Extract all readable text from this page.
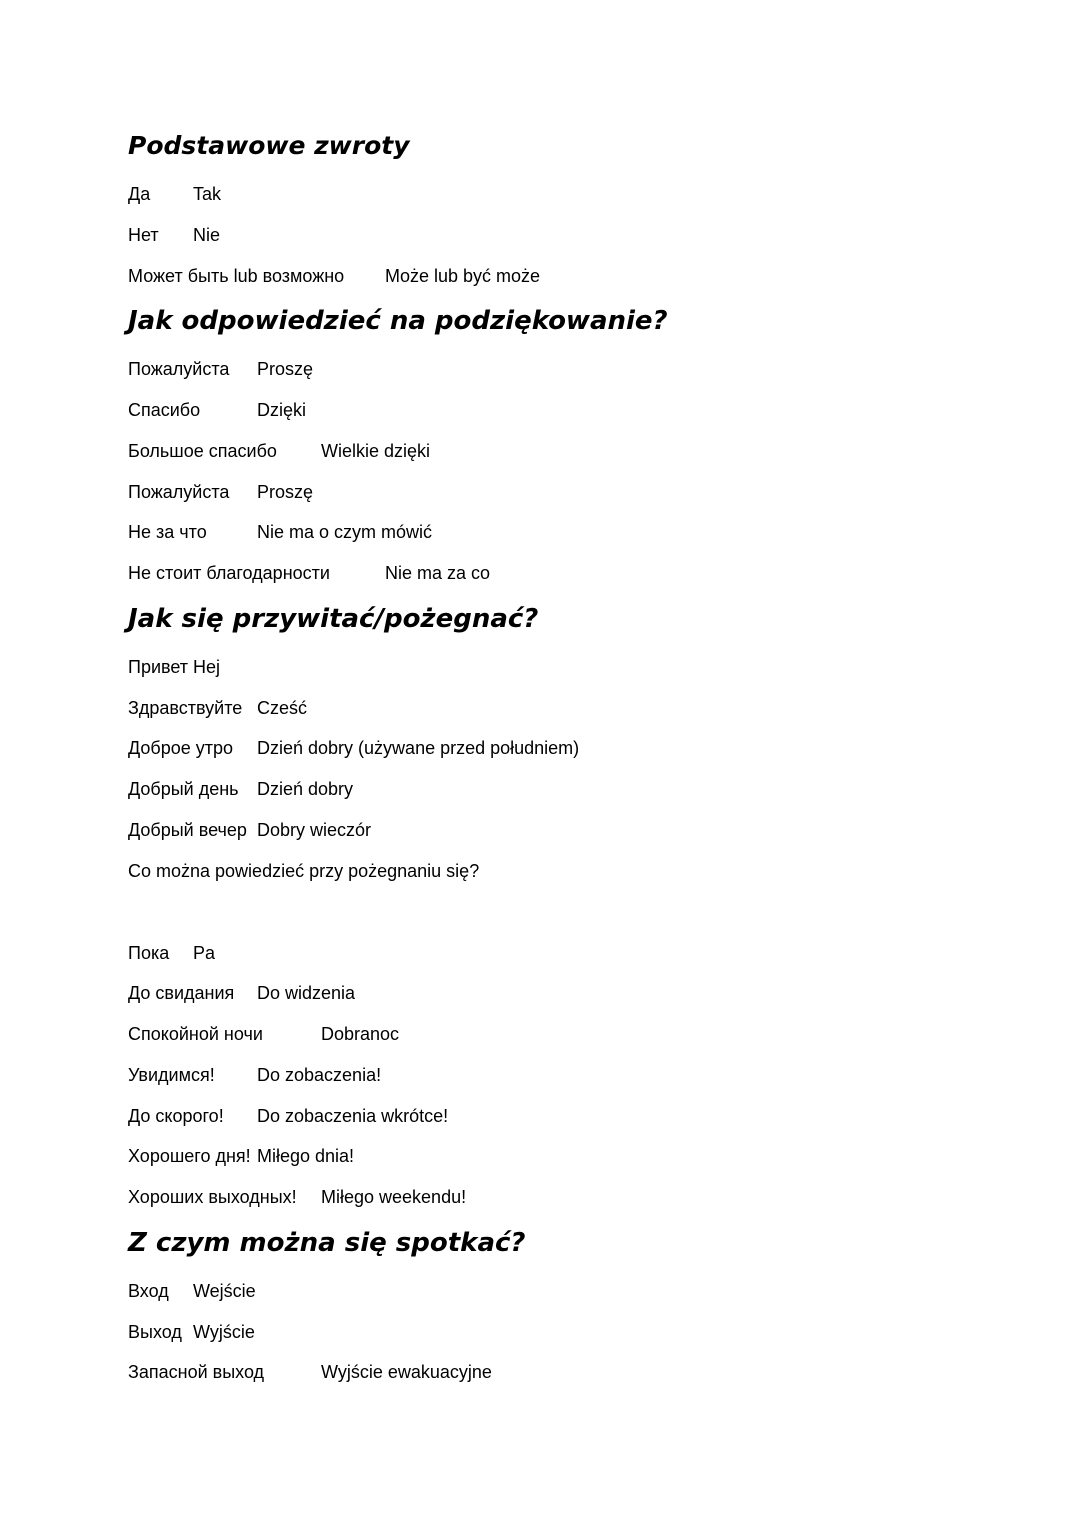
Podstawowe zwroty
Да Tak
Нет Nie
Может быть lub возможно Może lub być może
Jak odpowiedzieć na podziękowanie?
Пожалуйста Proszę
Спасибо	Dzięki
Большое спасибо Wielkie dzięki
Пожалуйста Proszę
Не за что	Nie ma o czym mówić
Не стоит благодарности	Nie ma za co
Jak się przywitać/pożegnać?
Привет Hej
Здравствуйте Cześć
Доброе утро Dzień dobry (używane przed południem)
Добрый день Dzień dobry
Добрый вечер Dobry wieczór
Co można powiedzieć przy pożegnaniu się?
Пока Pa
До свидания Do widzenia
Спокойной ночи	Dobranoc
Увидимся! Do zobaczenia!
До скорого! Do zobaczenia wkrótce!
Хорошего дня! Miłego dnia!
Хороших выходных! Miłego weekendu!
Z czym można się spotkać?
Вход Wejście
Выход Wyjście
Запасной выход	Wyjście ewakuacyjne
